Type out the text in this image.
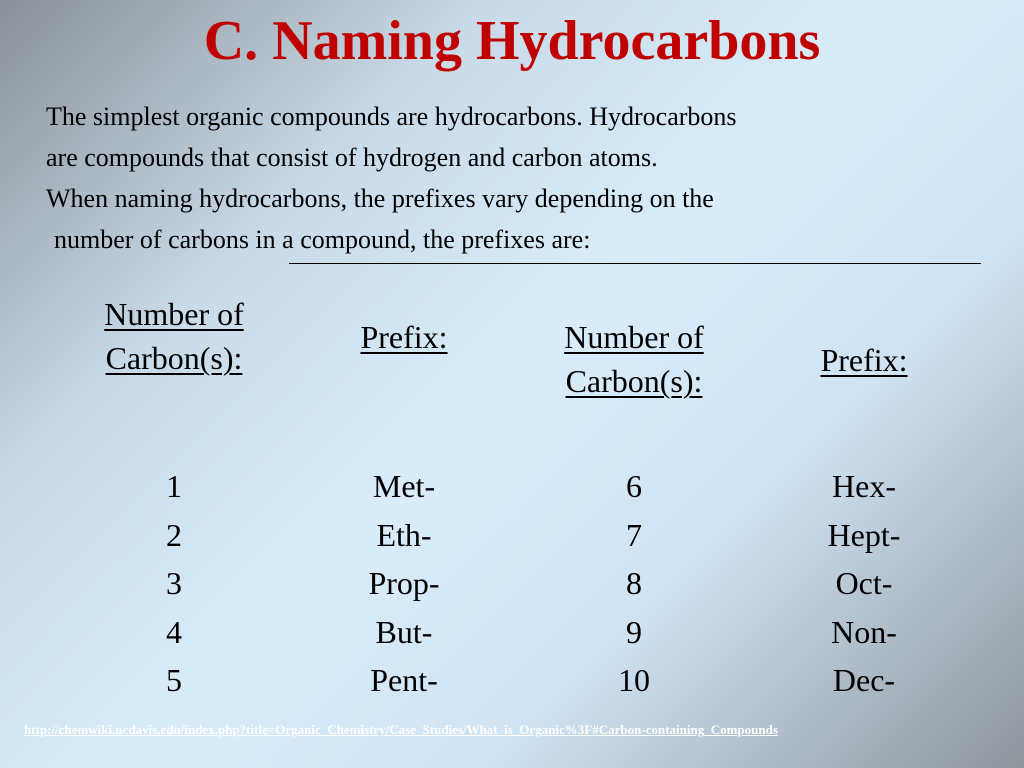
C. Naming Hydrocarbons
The simplest organic compounds are hydrocarbons. Hydrocarbons
are compounds that consist of hydrogen and carbon atoms.
When naming hydrocarbons, the prefixes vary depending on the
number of carbons in a compound, the prefixes are:
Number of
Carbon(s):
Prefix:	Number of
Carbon(s):
Prefix:
1
2
3
4
5
Met-
Eth-
Prop-
But-
Pent-
6
7
8
9
10
Hex-
Hept-
Oct-
Non-
Dec-
http://chemwiki.ucdavis.edu/index.php?title=Organic_Chemistry/Case_Studies/What_is_Organic%3F#Carbon-containing_Compounds
